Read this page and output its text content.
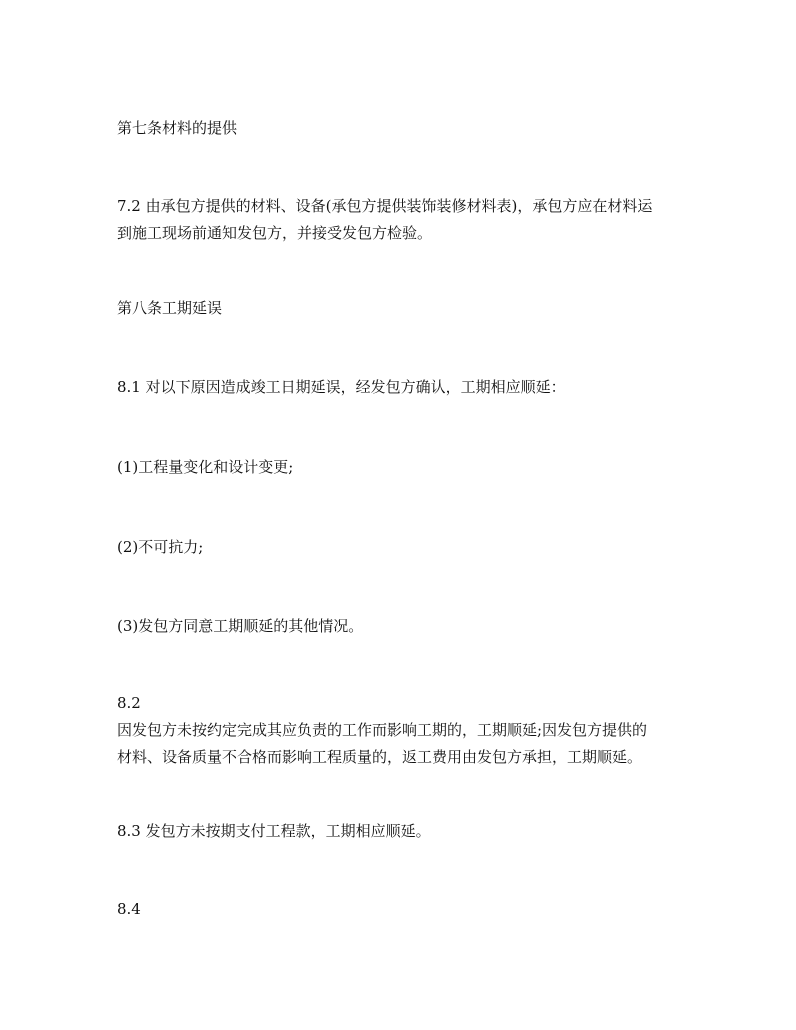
第七条材料的提供
7.2 由承包方提供的材料、设备(承包方提供装饰装修材料表)，承包方应在材料运
到施工现场前通知发包方，并接受发包方检验。
第八条工期延误
8.1 对以下原因造成竣工日期延误，经发包方确认，工期相应顺延：
(1)工程量变化和设计变更;
(2)不可抗力;
(3)发包方同意工期顺延的其他情况。
8.2
因发包方未按约定完成其应负责的工作而影响工期的，工期顺延;因发包方提供的
材料、设备质量不合格而影响工程质量的，返工费用由发包方承担，工期顺延。
8.3 发包方未按期支付工程款，工期相应顺延。
8.4
